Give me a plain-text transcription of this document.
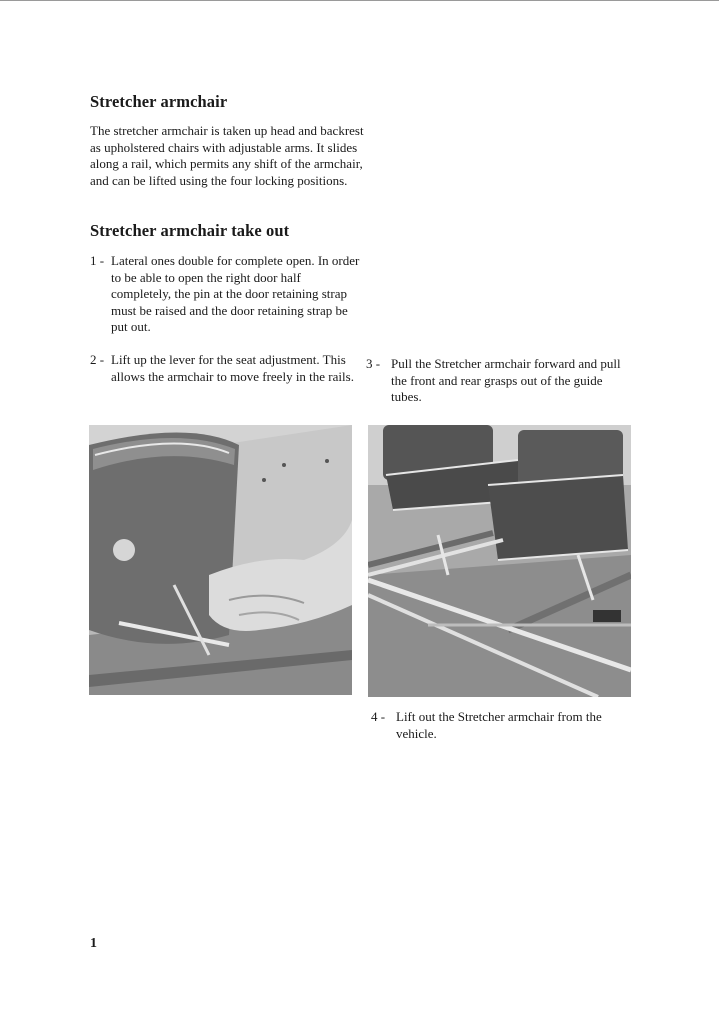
Stretcher armchair
The stretcher armchair is taken up head and backrest as upholstered chairs with adjustable arms. It slides along a rail, which permits any shift of the armchair, and can be lifted using the four locking positions.
Stretcher armchair take out
1 - Lateral ones double for complete open. In order to be able to open the right door half completely, the pin at the door retaining strap must be raised and the door retaining strap be put out.
2 - Lift up the lever for the seat adjustment. This allows the armchair to move freely in the rails.
3 - Pull the Stretcher armchair forward and pull the front and rear grasps out of the guide tubes.
4 - Lift out the Stretcher armchair from the vehicle.
1
